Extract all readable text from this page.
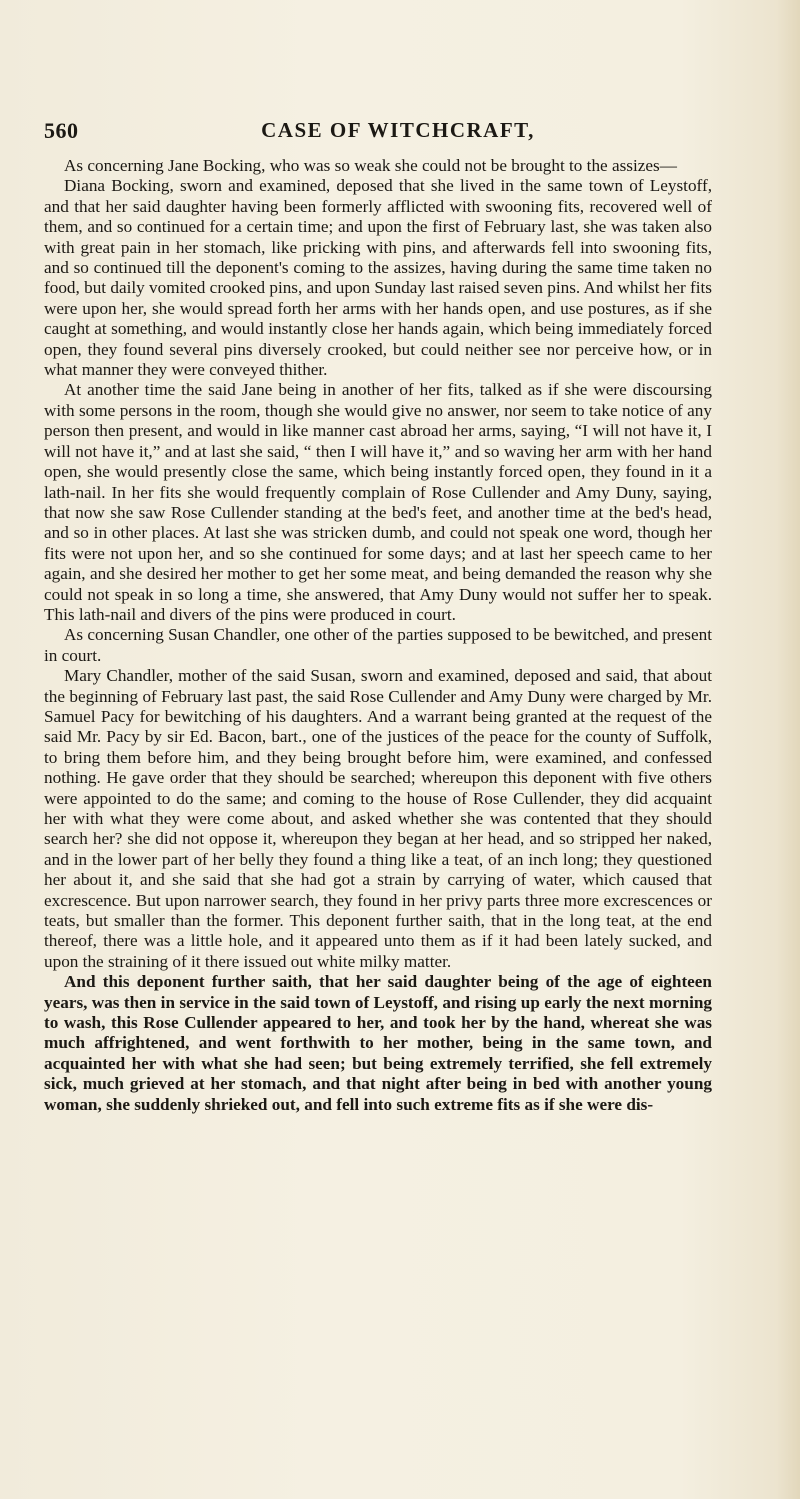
560	CASE OF WITCHCRAFT,

As concerning Jane Bocking, who was so weak she could not be brought to the assizes—

Diana Bocking, sworn and examined, deposed that she lived in the same town of Leystoff, and that her said daughter having been formerly afflicted with swooning fits, recovered well of them, and so continued for a certain time; and upon the first of February last, she was taken also with great pain in her stomach, like pricking with pins, and afterwards fell into swooning fits, and so continued till the deponent's coming to the assizes, having during the same time taken no food, but daily vomited crooked pins, and upon Sunday last raised seven pins. And whilst her fits were upon her, she would spread forth her arms with her hands open, and use postures, as if she caught at something, and would instantly close her hands again, which being immediately forced open, they found several pins diversely crooked, but could neither see nor perceive how, or in what manner they were conveyed thither.

At another time the said Jane being in another of her fits, talked as if she were discoursing with some persons in the room, though she would give no answer, nor seem to take notice of any person then present, and would in like manner cast abroad her arms, saying, “I will not have it, I will not have it,” and at last she said, “ then I will have it,” and so waving her arm with her hand open, she would presently close the same, which being instantly forced open, they found in it a lath-nail. In her fits she would frequently complain of Rose Cullender and Amy Duny, saying, that now she saw Rose Cullender standing at the bed's feet, and another time at the bed's head, and so in other places. At last she was stricken dumb, and could not speak one word, though her fits were not upon her, and so she continued for some days; and at last her speech came to her again, and she desired her mother to get her some meat, and being demanded the reason why she could not speak in so long a time, she answered, that Amy Duny would not suffer her to speak. This lath-nail and divers of the pins were produced in court.

As concerning Susan Chandler, one other of the parties supposed to be bewitched, and present in court.

Mary Chandler, mother of the said Susan, sworn and examined, deposed and said, that about the beginning of February last past, the said Rose Cullender and Amy Duny were charged by Mr. Samuel Pacy for bewitching of his daughters. And a warrant being granted at the request of the said Mr. Pacy by sir Ed. Bacon, bart., one of the justices of the peace for the county of Suffolk, to bring them before him, and they being brought before him, were examined, and confessed nothing. He gave order that they should be searched; whereupon this deponent with five others were appointed to do the same; and coming to the house of Rose Cullender, they did acquaint her with what they were come about, and asked whether she was contented that they should search her? she did not oppose it, whereupon they began at her head, and so stripped her naked, and in the lower part of her belly they found a thing like a teat, of an inch long; they questioned her about it, and she said that she had got a strain by carrying of water, which caused that excrescence. But upon narrower search, they found in her privy parts three more excrescences or teats, but smaller than the former. This deponent further saith, that in the long teat, at the end thereof, there was a little hole, and it appeared unto them as if it had been lately sucked, and upon the straining of it there issued out white milky matter.

And this deponent further saith, that her said daughter being of the age of eighteen years, was then in service in the said town of Leystoff, and rising up early the next morning to wash, this Rose Cullender appeared to her, and took her by the hand, whereat she was much affrightened, and went forthwith to her mother, being in the same town, and acquainted her with what she had seen; but being extremely terrified, she fell extremely sick, much grieved at her stomach, and that night after being in bed with another young woman, she suddenly shrieked out, and fell into such extreme fits as if she were dis-
